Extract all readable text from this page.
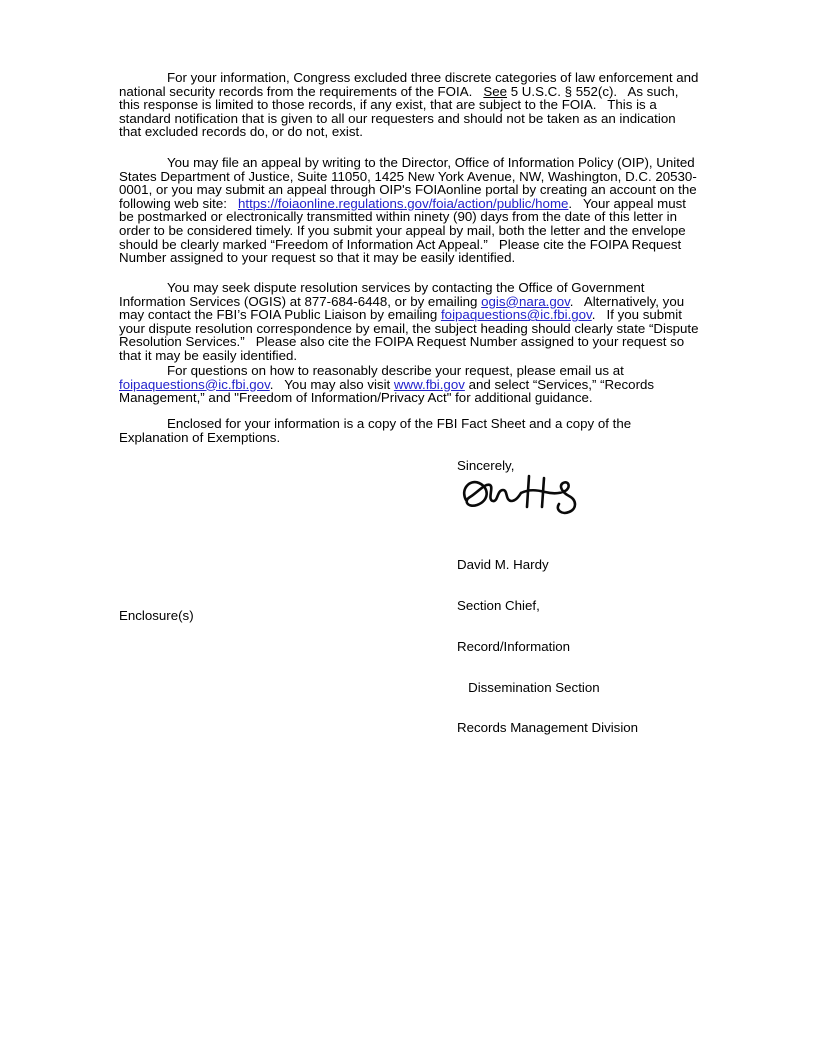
For your information, Congress excluded three discrete categories of law enforcement and national security records from the requirements of the FOIA.   See 5 U.S.C. § 552(c).   As such, this response is limited to those records, if any exist, that are subject to the FOIA.   This is a standard notification that is given to all our requesters and should not be taken as an indication that excluded records do, or do not, exist.

You may file an appeal by writing to the Director, Office of Information Policy (OIP), United States Department of Justice, Suite 11050, 1425 New York Avenue, NW, Washington, D.C. 20530-0001, or you may submit an appeal through OIP's FOIAonline portal by creating an account on the following web site:   https://foiaonline.regulations.gov/foia/action/public/home.   Your appeal must be postmarked or electronically transmitted within ninety (90) days from the date of this letter in order to be considered timely. If you submit your appeal by mail, both the letter and the envelope should be clearly marked “Freedom of Information Act Appeal.”   Please cite the FOIPA Request Number assigned to your request so that it may be easily identified.

You may seek dispute resolution services by contacting the Office of Government Information Services (OGIS) at 877-684-6448, or by emailing ogis@nara.gov.   Alternatively, you may contact the FBI’s FOIA Public Liaison by emailing foipaquestions@ic.fbi.gov.   If you submit your dispute resolution correspondence by email, the subject heading should clearly state “Dispute Resolution Services.”   Please also cite the FOIPA Request Number assigned to your request so that it may be easily identified.

For questions on how to reasonably describe your request, please email us at foipaquestions@ic.fbi.gov.   You may also visit www.fbi.gov and select “Services,” “Records Management,” and "Freedom of Information/Privacy Act" for additional guidance.

Enclosed for your information is a copy of the FBI Fact Sheet and a copy of the Explanation of Exemptions.

Sincerely,

David M. Hardy

Section Chief,

Record/Information

Dissemination Section

Records Management Division

Enclosure(s)
